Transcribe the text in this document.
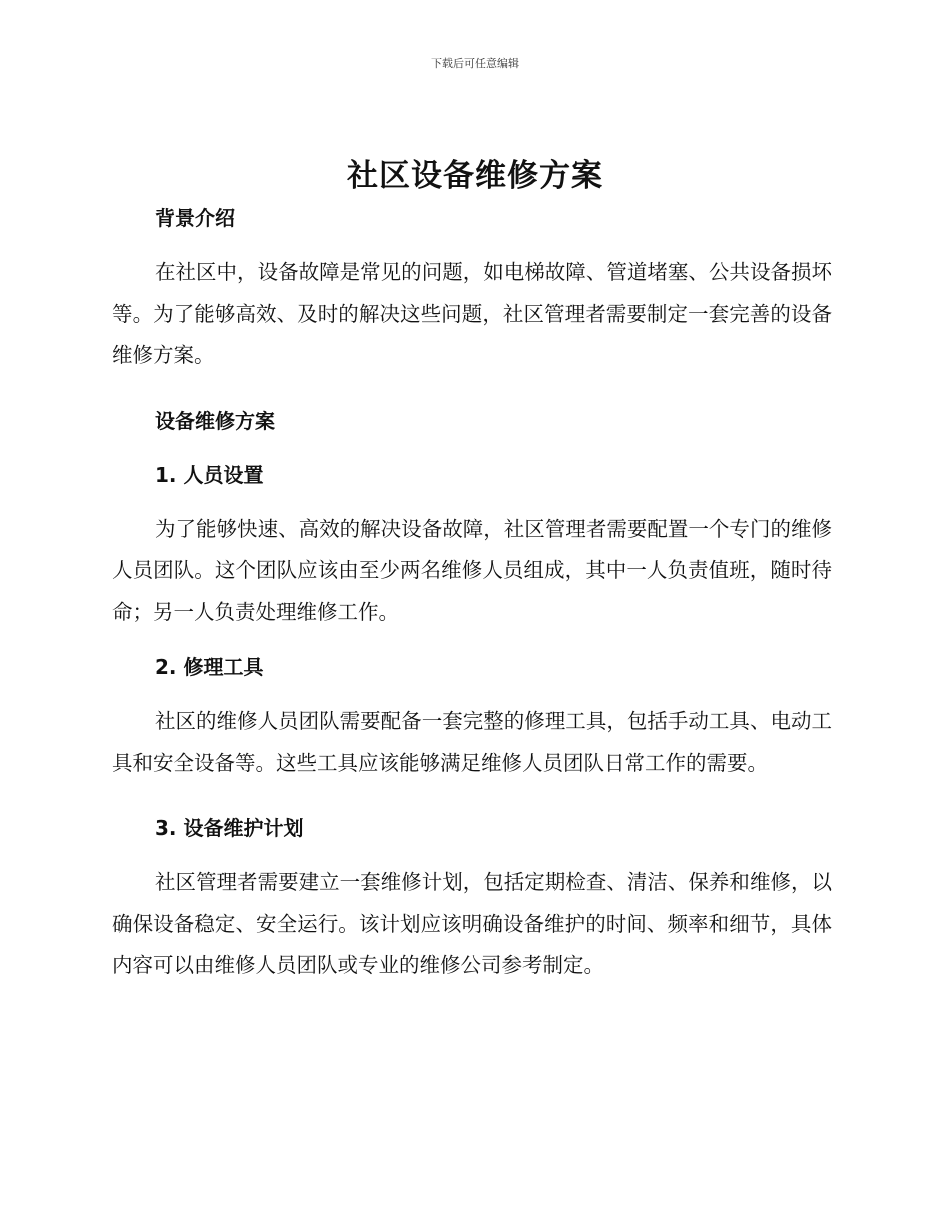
下载后可任意编辑
社区设备维修方案
背景介绍

在社区中，设备故障是常见的问题，如电梯故障、管道堵塞、公共设备损坏等。为了能够高效、及时的解决这些问题，社区管理者需要制定一套完善的设备维修方案。

设备维修方案
1. 人员设置

为了能够快速、高效的解决设备故障，社区管理者需要配置一个专门的维修人员团队。这个团队应该由至少两名维修人员组成，其中一人负责值班，随时待命；另一人负责处理维修工作。

2. 修理工具

社区的维修人员团队需要配备一套完整的修理工具，包括手动工具、电动工具和安全设备等。这些工具应该能够满足维修人员团队日常工作的需要。

3. 设备维护计划

社区管理者需要建立一套维修计划，包括定期检查、清洁、保养和维修，以确保设备稳定、安全运行。该计划应该明确设备维护的时间、频率和细节，具体内容可以由维修人员团队或专业的维修公司参考制定。
